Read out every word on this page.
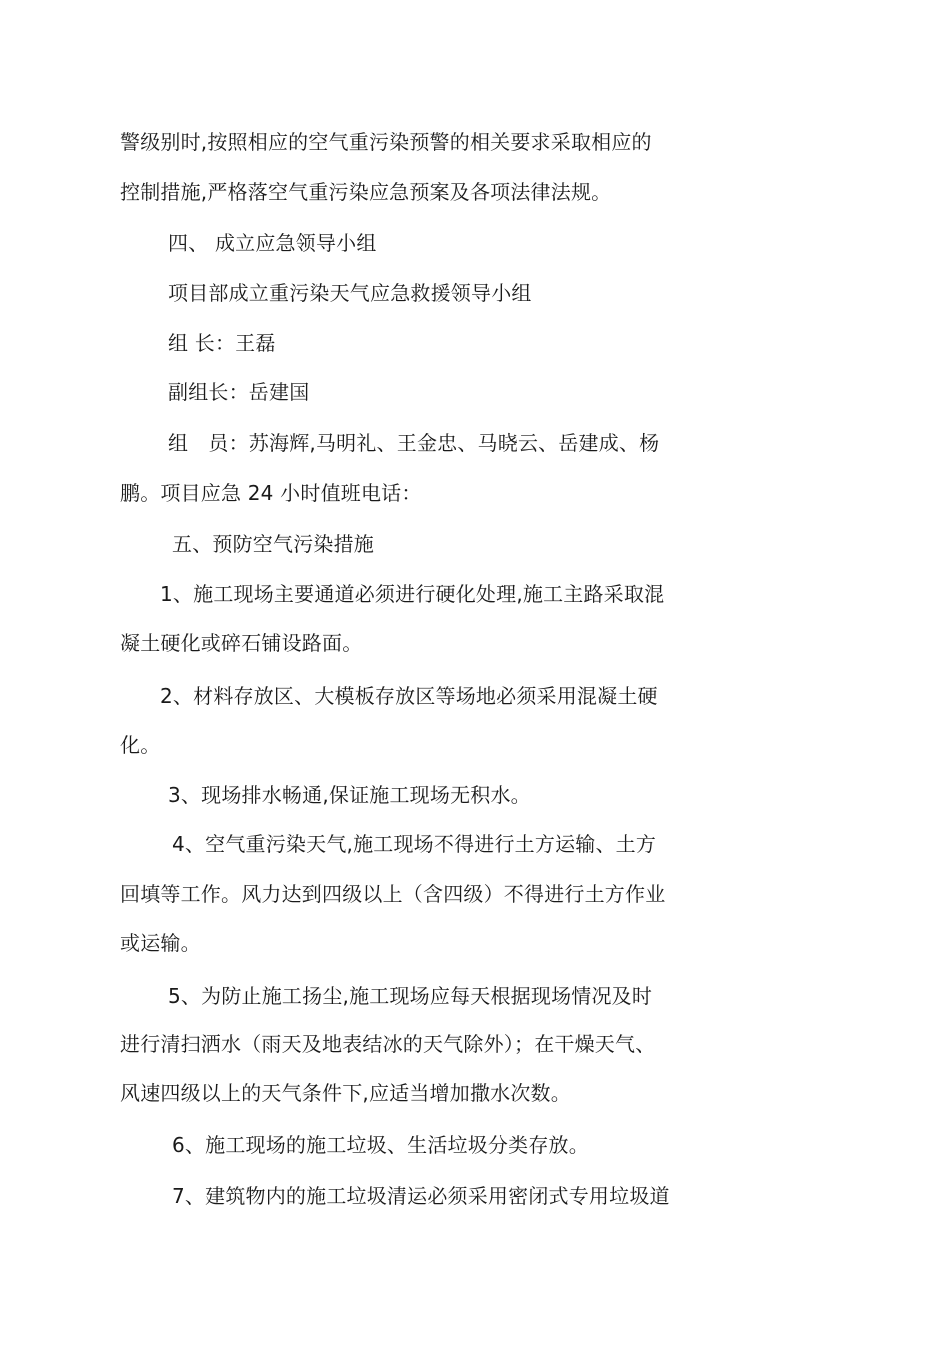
警级别时,按照相应的空气重污染预警的相关要求采取相应的
控制措施,严格落空气重污染应急预案及各项法律法规。
四、 成立应急领导小组
项目部成立重污染天气应急救援领导小组
组 长：王磊
副组长：岳建国
组　员：苏海辉,马明礼、王金忠、马晓云、岳建成、杨
鹏。项目应急 24 小时值班电话：
五、预防空气污染措施
1、施工现场主要通道必须进行硬化处理,施工主路采取混
凝土硬化或碎石铺设路面。
2、材料存放区、大模板存放区等场地必须采用混凝土硬
化。
3、现场排水畅通,保证施工现场无积水。
4、空气重污染天气,施工现场不得进行土方运输、土方
回填等工作。风力达到四级以上（含四级）不得进行土方作业
或运输。
5、为防止施工扬尘,施工现场应每天根据现场情况及时
进行清扫洒水（雨天及地表结冰的天气除外）；在干燥天气、
风速四级以上的天气条件下,应适当增加撒水次数。
6、施工现场的施工垃圾、生活垃圾分类存放。
7、建筑物内的施工垃圾清运必须采用密闭式专用垃圾道
